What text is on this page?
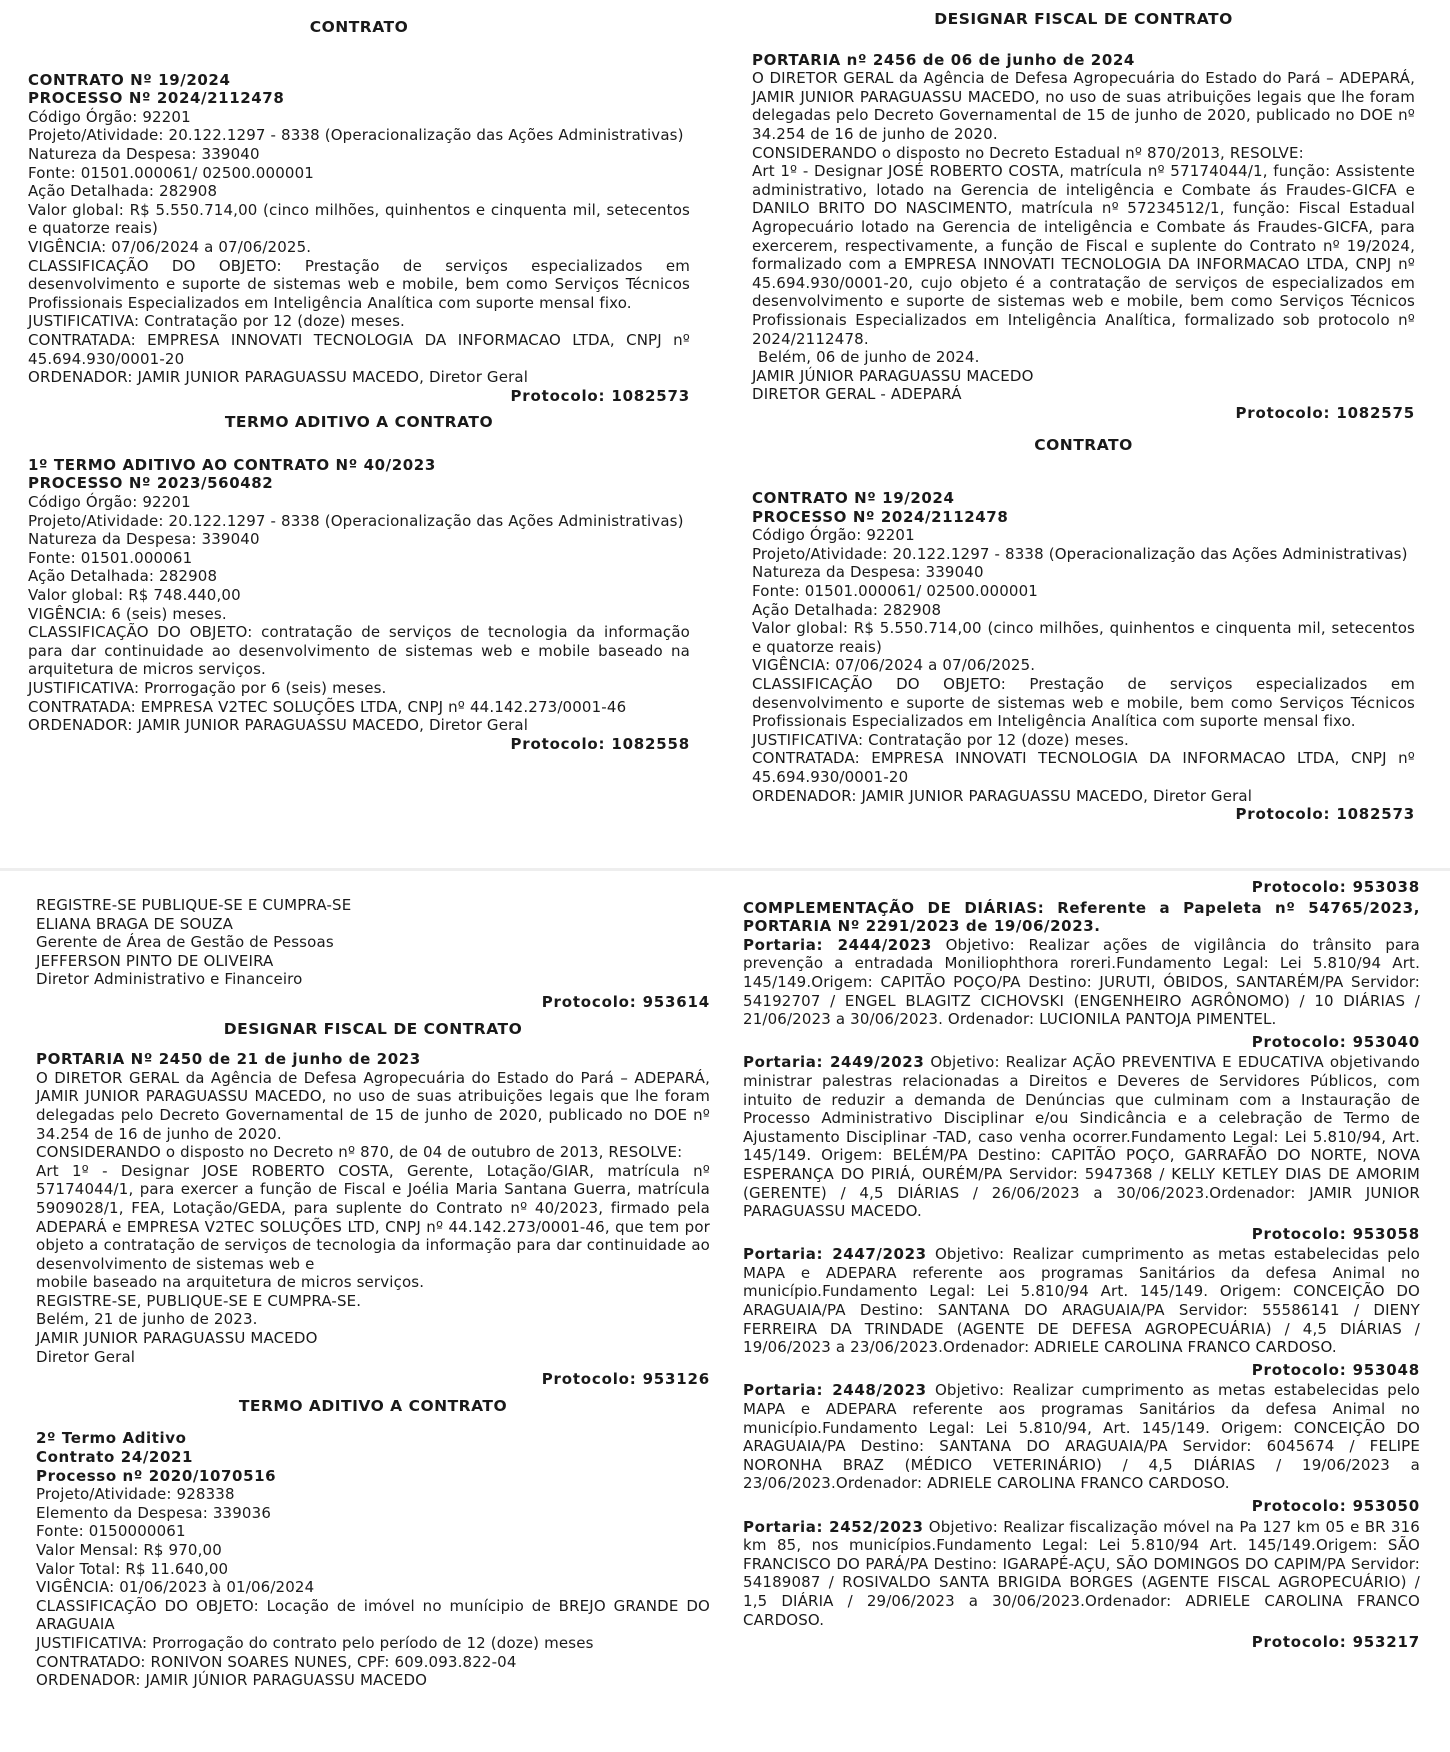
CONTRATO
CONTRATO Nº 19/2024
PROCESSO Nº 2024/2112478

Código Órgão: 92201

Projeto/Atividade: 20.122.1297 - 8338 (Operacionalização das Ações Administrativas)

Natureza da Despesa: 339040

Fonte: 01501.000061/ 02500.000001

Ação Detalhada: 282908

Valor global: R$ 5.550.714,00 (cinco milhões, quinhentos e cinquenta mil, setecentos e quatorze reais)

VIGÊNCIA: 07/06/2024 a 07/06/2025.

CLASSIFICAÇÃO DO OBJETO: Prestação de serviços especializados em desenvolvimento e suporte de sistemas web e mobile, bem como Serviços Técnicos Profissionais Especializados em Inteligência Analítica com suporte mensal fixo.

JUSTIFICATIVA: Contratação por 12 (doze) meses.

CONTRATADA: EMPRESA INNOVATI TECNOLOGIA DA INFORMACAO LTDA, CNPJ nº 45.694.930/0001-20

ORDENADOR: JAMIR JUNIOR PARAGUASSU MACEDO, Diretor Geral

Protocolo: 1082573
TERMO ADITIVO A CONTRATO
1º TERMO ADITIVO AO CONTRATO Nº 40/2023
PROCESSO Nº 2023/560482

Código Órgão: 92201

Projeto/Atividade: 20.122.1297 - 8338 (Operacionalização das Ações Administrativas)

Natureza da Despesa: 339040

Fonte: 01501.000061

Ação Detalhada: 282908

Valor global: R$ 748.440,00

VIGÊNCIA: 6 (seis) meses.

CLASSIFICAÇÃO DO OBJETO: contratação de serviços de tecnologia da informação para dar continuidade ao desenvolvimento de sistemas web e mobile baseado na arquitetura de micros serviços.

JUSTIFICATIVA: Prorrogação por 6 (seis) meses.

CONTRATADA: EMPRESA V2TEC SOLUÇÕES LTDA, CNPJ nº 44.142.273/0001-46

ORDENADOR: JAMIR JUNIOR PARAGUASSU MACEDO, Diretor Geral

Protocolo: 1082558
DESIGNAR FISCAL DE CONTRATO
PORTARIA nº 2456 de 06 de junho de 2024
O DIRETOR GERAL da Agência de Defesa Agropecuária do Estado do Pará – ADEPARÁ, JAMIR JUNIOR PARAGUASSU MACEDO, no uso de suas atribuições legais que lhe foram delegadas pelo Decreto Governamental de 15 de junho de 2020, publicado no DOE nº 34.254 de 16 de junho de 2020.
CONSIDERANDO o disposto no Decreto Estadual nº 870/2013, RESOLVE:
Art 1º - Designar JOSÉ ROBERTO COSTA, matrícula nº 57174044/1, função: Assistente administrativo, lotado na Gerencia de inteligência e Combate ás Fraudes-GICFA e DANILO BRITO DO NASCIMENTO, matrícula nº 57234512/1, função: Fiscal Estadual Agropecuário lotado na Gerencia de inteligência e Combate ás Fraudes-GICFA, para exercerem, respectivamente, a função de Fiscal e suplente do Contrato nº 19/2024, formalizado com a EMPRESA INNOVATI TECNOLOGIA DA INFORMACAO LTDA, CNPJ nº 45.694.930/0001-20, cujo objeto é a contratação de serviços de especializados em desenvolvimento e suporte de sistemas web e mobile, bem como Serviços Técnicos Profissionais Especializados em Inteligência Analítica, formalizado sob protocolo nº 2024/2112478.
Belém, 06 de junho de 2024.
JAMIR JÚNIOR PARAGUASSU MACEDO
DIRETOR GERAL - ADEPARÁ
Protocolo: 1082575
CONTRATO
CONTRATO Nº 19/2024
PROCESSO Nº 2024/2112478

Código Órgão: 92201

Projeto/Atividade: 20.122.1297 - 8338 (Operacionalização das Ações Administrativas)

Natureza da Despesa: 339040

Fonte: 01501.000061/ 02500.000001

Ação Detalhada: 282908

Valor global: R$ 5.550.714,00 (cinco milhões, quinhentos e cinquenta mil, setecentos e quatorze reais)

VIGÊNCIA: 07/06/2024 a 07/06/2025.

CLASSIFICAÇÃO DO OBJETO: Prestação de serviços especializados em desenvolvimento e suporte de sistemas web e mobile, bem como Serviços Técnicos Profissionais Especializados em Inteligência Analítica com suporte mensal fixo.

JUSTIFICATIVA: Contratação por 12 (doze) meses.

CONTRATADA: EMPRESA INNOVATI TECNOLOGIA DA INFORMACAO LTDA, CNPJ nº 45.694.930/0001-20

ORDENADOR: JAMIR JUNIOR PARAGUASSU MACEDO, Diretor Geral

Protocolo: 1082573

REGISTRE-SE PUBLIQUE-SE E CUMPRA-SE

ELIANA BRAGA DE SOUZA

Gerente de Área de Gestão de Pessoas

JEFFERSON PINTO DE OLIVEIRA

Diretor Administrativo e Financeiro

Protocolo: 953614
DESIGNAR FISCAL DE CONTRATO
PORTARIA Nº 2450 de 21 de junho de 2023
O DIRETOR GERAL da Agência de Defesa Agropecuária do Estado do Pará – ADEPARÁ, JAMIR JUNIOR PARAGUASSU MACEDO, no uso de suas atribuições legais que lhe foram delegadas pelo Decreto Governamental de 15 de junho de 2020, publicado no DOE nº 34.254 de 16 de junho de 2020.
CONSIDERANDO o disposto no Decreto nº 870, de 04 de outubro de 2013, RESOLVE:
Art 1º - Designar JOSE ROBERTO COSTA, Gerente, Lotação/GIAR, matrícula nº 57174044/1, para exercer a função de Fiscal e Joélia Maria Santana Guerra, matrícula 5909028/1, FEA, Lotação/GEDA, para suplente do Contrato nº 40/2023, firmado pela ADEPARÁ e EMPRESA V2TEC SOLUÇÕES LTD, CNPJ nº 44.142.273/0001-46, que tem por objeto a contratação de serviços de tecnologia da informação para dar continuidade ao desenvolvimento de sistemas web e
mobile baseado na arquitetura de micros serviços.
REGISTRE-SE, PUBLIQUE-SE E CUMPRA-SE.
Belém, 21 de junho de 2023.
JAMIR JUNIOR PARAGUASSU MACEDO
Diretor Geral
Protocolo: 953126
TERMO ADITIVO A CONTRATO
2º Termo Aditivo
Contrato 24/2021
Processo nº 2020/1070516

Projeto/Atividade: 928338

Elemento da Despesa: 339036

Fonte: 0150000061

Valor Mensal: R$ 970,00

Valor Total: R$ 11.640,00

VIGÊNCIA: 01/06/2023 à 01/06/2024

CLASSIFICAÇÃO DO OBJETO: Locação de imóvel no munícipio de BREJO GRANDE DO ARAGUAIA

JUSTIFICATIVA: Prorrogação do contrato pelo período de 12 (doze) meses

CONTRATADO: RONIVON SOARES NUNES, CPF: 609.093.822-04

ORDENADOR: JAMIR JÚNIOR PARAGUASSU MACEDO

Protocolo: 953038
COMPLEMENTAÇÃO DE DIÁRIAS: Referente a Papeleta nº 54765/2023, PORTARIA Nº 2291/2023 de 19/06/2023.
Portaria: 2444/2023 Objetivo: Realizar ações de vigilância do trânsito para prevenção a entradada Moniliophthora roreri.Fundamento Legal: Lei 5.810/94 Art. 145/149.Origem: CAPITÃO POÇO/PA Destino: JURUTI, ÓBIDOS, SANTARÉM/PA Servidor: 54192707 / ENGEL BLAGITZ CICHOVSKI (ENGENHEIRO AGRÔNOMO) / 10 DIÁRIAS / 21/06/2023 a 30/06/2023. Ordenador: LUCIONILA PANTOJA PIMENTEL.
Protocolo: 953040
Portaria: 2449/2023 Objetivo: Realizar AÇÃO PREVENTIVA E EDUCATIVA objetivando ministrar palestras relacionadas a Direitos e Deveres de Servidores Públicos, com intuito de reduzir a demanda de Denúncias que culminam com a Instauração de Processo Administrativo Disciplinar e/ou Sindicância e a celebração de Termo de Ajustamento Disciplinar -TAD, caso venha ocorrer.Fundamento Legal: Lei 5.810/94, Art. 145/149. Origem: BELÉM/PA Destino: CAPITÃO POÇO, GARRAFÃO DO NORTE, NOVA ESPERANÇA DO PIRIÁ, OURÉM/PA Servidor: 5947368 / KELLY KETLEY DIAS DE AMORIM (GERENTE) / 4,5 DIÁRIAS / 26/06/2023 a 30/06/2023.Ordenador: JAMIR JUNIOR PARAGUASSU MACEDO.
Protocolo: 953058
Portaria: 2447/2023 Objetivo: Realizar cumprimento as metas estabelecidas pelo MAPA e ADEPARA referente aos programas Sanitários da defesa Animal no município.Fundamento Legal: Lei 5.810/94 Art. 145/149. Origem: CONCEIÇÃO DO ARAGUAIA/PA Destino: SANTANA DO ARAGUAIA/PA Servidor: 55586141 / DIENY FERREIRA DA TRINDADE (AGENTE DE DEFESA AGROPECUÁRIA) / 4,5 DIÁRIAS / 19/06/2023 a 23/06/2023.Ordenador: ADRIELE CAROLINA FRANCO CARDOSO.
Protocolo: 953048
Portaria: 2448/2023 Objetivo: Realizar cumprimento as metas estabelecidas pelo MAPA e ADEPARA referente aos programas Sanitários da defesa Animal no município.Fundamento Legal: Lei 5.810/94, Art. 145/149. Origem: CONCEIÇÃO DO ARAGUAIA/PA Destino: SANTANA DO ARAGUAIA/PA Servidor: 6045674 / FELIPE NORONHA BRAZ (MÉDICO VETERINÁRIO) / 4,5 DIÁRIAS / 19/06/2023 a 23/06/2023.Ordenador: ADRIELE CAROLINA FRANCO CARDOSO.
Protocolo: 953050
Portaria: 2452/2023 Objetivo: Realizar fiscalização móvel na Pa 127 km 05 e BR 316 km 85, nos municípios.Fundamento Legal: Lei 5.810/94 Art. 145/149.Origem: SÃO FRANCISCO DO PARÁ/PA Destino: IGARAPÉ-AÇU, SÃO DOMINGOS DO CAPIM/PA Servidor: 54189087 / ROSIVALDO SANTA BRIGIDA BORGES (AGENTE FISCAL AGROPECUÁRIO) / 1,5 DIÁRIA / 29/06/2023 a 30/06/2023.Ordenador: ADRIELE CAROLINA FRANCO CARDOSO.
Protocolo: 953217
